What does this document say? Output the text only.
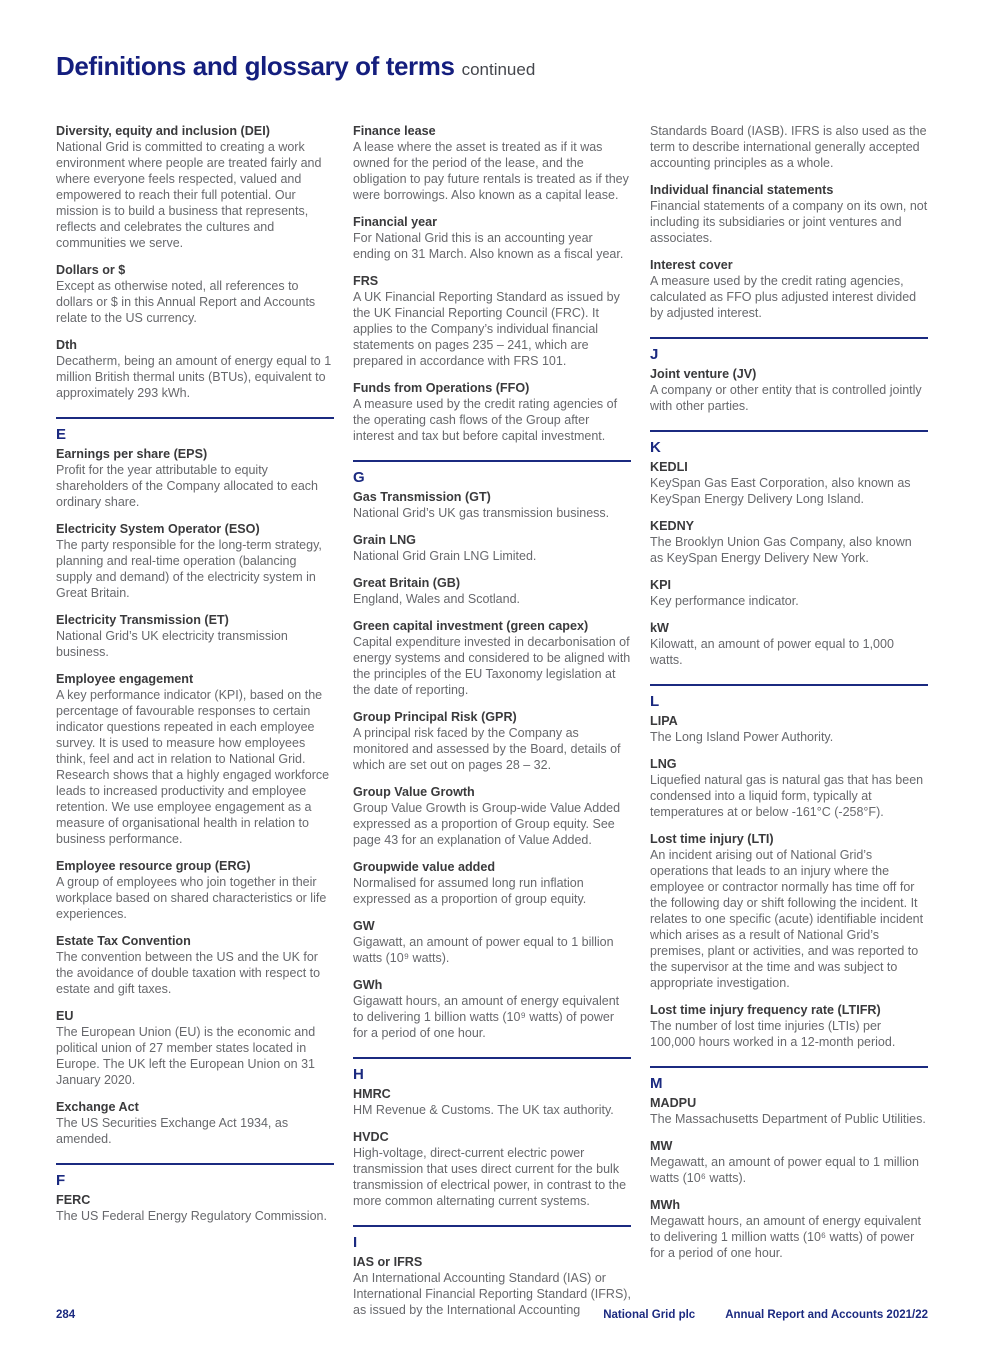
Definitions and glossary of terms continued
Diversity, equity and inclusion (DEI)

National Grid is committed to creating a work environment where people are treated fairly and where everyone feels respected, valued and empowered to reach their full potential. Our mission is to build a business that represents, reflects and celebrates the cultures and communities we serve.

Dollars or $

Except as otherwise noted, all references to dollars or $ in this Annual Report and Accounts relate to the US currency.

Dth

Decatherm, being an amount of energy equal to 1 million British thermal units (BTUs), equivalent to approximately 293 kWh.

E
Earnings per share (EPS)

Profit for the year attributable to equity shareholders of the Company allocated to each ordinary share.

Electricity System Operator (ESO)

The party responsible for the long-term strategy, planning and real-time operation (balancing supply and demand) of the electricity system in Great Britain.

Electricity Transmission (ET)

National Grid’s UK electricity transmission business.

Employee engagement

A key performance indicator (KPI), based on the percentage of favourable responses to certain indicator questions repeated in each employee survey. It is used to measure how employees think, feel and act in relation to National Grid. Research shows that a highly engaged workforce leads to increased productivity and employee retention. We use employee engagement as a measure of organisational health in relation to business performance.

Employee resource group (ERG)

A group of employees who join together in their workplace based on shared characteristics or life experiences.

Estate Tax Convention

The convention between the US and the UK for the avoidance of double taxation with respect to estate and gift taxes.

EU

The European Union (EU) is the economic and political union of 27 member states located in Europe. The UK left the European Union on 31 January 2020.

Exchange Act

The US Securities Exchange Act 1934, as amended.

F
FERC

The US Federal Energy Regulatory Commission.

Finance lease

A lease where the asset is treated as if it was owned for the period of the lease, and the obligation to pay future rentals is treated as if they were borrowings. Also known as a capital lease.

Financial year

For National Grid this is an accounting year ending on 31 March. Also known as a fiscal year.

FRS

A UK Financial Reporting Standard as issued by the UK Financial Reporting Council (FRC). It applies to the Company’s individual financial statements on pages 235 – 241, which are prepared in accordance with FRS 101.

Funds from Operations (FFO)

A measure used by the credit rating agencies of the operating cash flows of the Group after interest and tax but before capital investment.

G
Gas Transmission (GT)

National Grid’s UK gas transmission business.

Grain LNG

National Grid Grain LNG Limited.

Great Britain (GB)

England, Wales and Scotland.

Green capital investment (green capex)

Capital expenditure invested in decarbonisation of energy systems and considered to be aligned with the principles of the EU Taxonomy legislation at the date of reporting.

Group Principal Risk (GPR)

A principal risk faced by the Company as monitored and assessed by the Board, details of which are set out on pages 28 – 32.

Group Value Growth

Group Value Growth is Group-wide Value Added expressed as a proportion of Group equity. See page 43 for an explanation of Value Added.

Groupwide value added

Normalised for assumed long run inflation expressed as a proportion of group equity.

GW

Gigawatt, an amount of power equal to 1 billion watts (10⁹ watts).

GWh

Gigawatt hours, an amount of energy equivalent to delivering 1 billion watts (10⁹ watts) of power for a period of one hour.

H
HMRC

HM Revenue & Customs. The UK tax authority.

HVDC

High-voltage, direct-current electric power transmission that uses direct current for the bulk transmission of electrical power, in contrast to the more common alternating current systems.

I
IAS or IFRS

An International Accounting Standard (IAS) or International Financial Reporting Standard (IFRS), as issued by the International Accounting

Standards Board (IASB). IFRS is also used as the term to describe international generally accepted accounting principles as a whole.

Individual financial statements

Financial statements of a company on its own, not including its subsidiaries or joint ventures and associates.

Interest cover

A measure used by the credit rating agencies, calculated as FFO plus adjusted interest divided by adjusted interest.

J
Joint venture (JV)

A company or other entity that is controlled jointly with other parties.

K
KEDLI

KeySpan Gas East Corporation, also known as KeySpan Energy Delivery Long Island.

KEDNY

The Brooklyn Union Gas Company, also known as KeySpan Energy Delivery New York.

KPI

Key performance indicator.

kW

Kilowatt, an amount of power equal to 1,000 watts.

L
LIPA

The Long Island Power Authority.

LNG

Liquefied natural gas is natural gas that has been condensed into a liquid form, typically at temperatures at or below -161°C (-258°F).

Lost time injury (LTI)

An incident arising out of National Grid’s operations that leads to an injury where the employee or contractor normally has time off for the following day or shift following the incident. It relates to one specific (acute) identifiable incident which arises as a result of National Grid’s premises, plant or activities, and was reported to the supervisor at the time and was subject to appropriate investigation.

Lost time injury frequency rate (LTIFR)

The number of lost time injuries (LTIs) per 100,000 hours worked in a 12-month period.

M
MADPU

The Massachusetts Department of Public Utilities.

MW

Megawatt, an amount of power equal to 1 million watts (10⁶ watts).

MWh

Megawatt hours, an amount of energy equivalent to delivering 1 million watts (10⁶ watts) of power for a period of one hour.

284	National Grid plc	Annual Report and Accounts 2021/22
